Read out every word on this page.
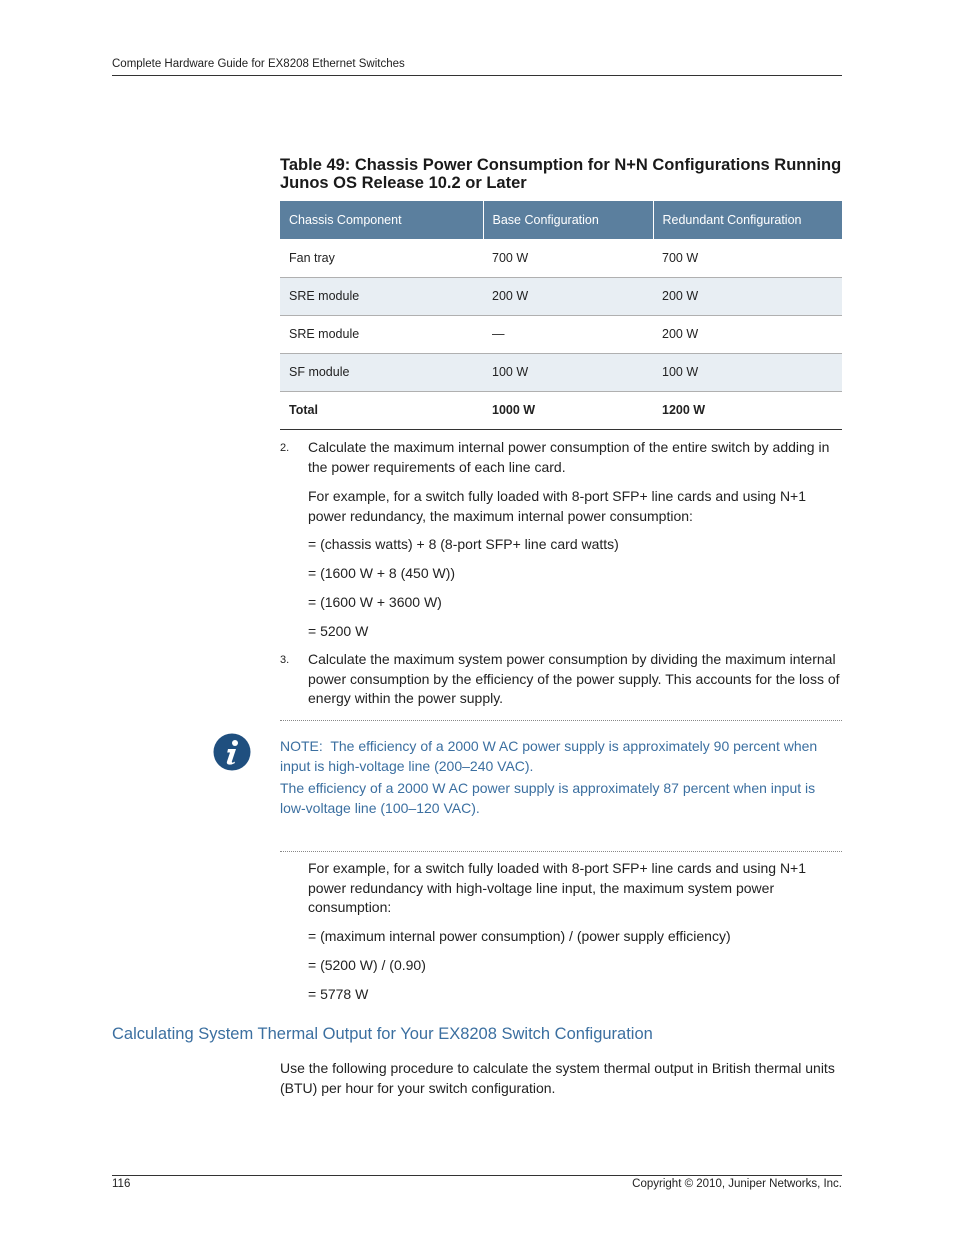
Complete Hardware Guide for EX8208 Ethernet Switches
Table 49: Chassis Power Consumption for N+N Configurations Running Junos OS Release 10.2 or Later
Chassis Component	Base Configuration	Redundant Configuration
Fan tray	700 W	700 W
SRE module	200 W	200 W
SRE module	—	200 W
SF module	100 W	100 W
Total	1000 W	1200 W
2. Calculate the maximum internal power consumption of the entire switch by adding in the power requirements of each line card.
For example, for a switch fully loaded with 8-port SFP+ line cards and using N+1 power redundancy, the maximum internal power consumption:
= (chassis watts) + 8 (8-port SFP+ line card watts)
= (1600 W + 8 (450 W))
= (1600 W + 3600 W)
= 5200 W
3. Calculate the maximum system power consumption by dividing the maximum internal power consumption by the efficiency of the power supply. This accounts for the loss of energy within the power supply.
NOTE: The efficiency of a 2000 W AC power supply is approximately 90 percent when input is high-voltage line (200–240 VAC).
The efficiency of a 2000 W AC power supply is approximately 87 percent when input is low-voltage line (100–120 VAC).
For example, for a switch fully loaded with 8-port SFP+ line cards and using N+1 power redundancy with high-voltage line input, the maximum system power consumption:
= (maximum internal power consumption) / (power supply efficiency)
= (5200 W) / (0.90)
= 5778 W
Calculating System Thermal Output for Your EX8208 Switch Configuration
Use the following procedure to calculate the system thermal output in British thermal units (BTU) per hour for your switch configuration.
116	Copyright © 2010, Juniper Networks, Inc.
